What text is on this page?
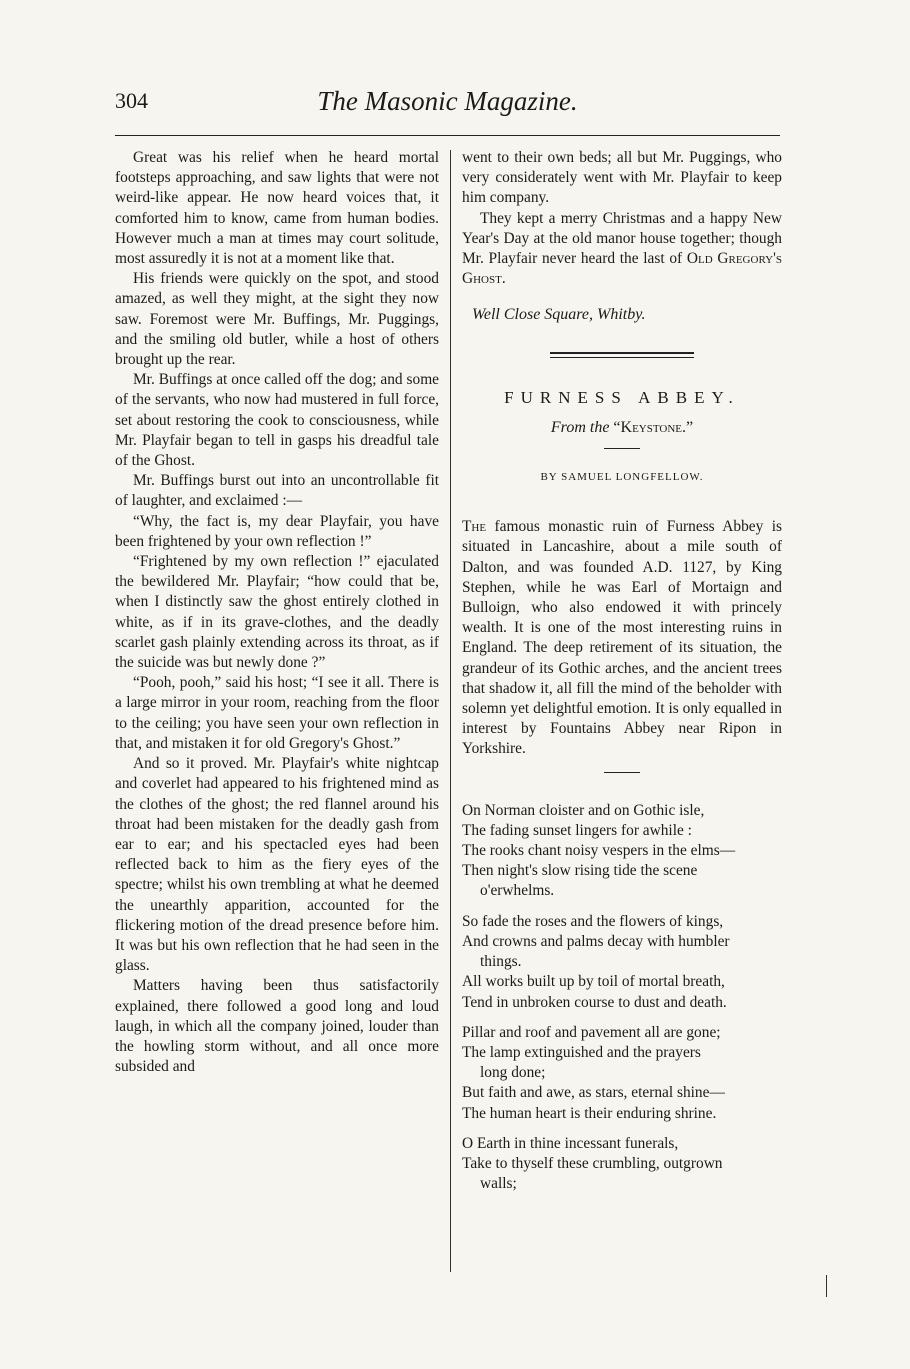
304	The Masonic Magazine.

Great was his relief when he heard mortal footsteps approaching, and saw lights that were not weird-like appear. He now heard voices that, it comforted him to know, came from human bodies. However much a man at times may court solitude, most assuredly it is not at a moment like that.

His friends were quickly on the spot, and stood amazed, as well they might, at the sight they now saw. Foremost were Mr. Buffings, Mr. Puggings, and the smiling old butler, while a host of others brought up the rear.

Mr. Buffings at once called off the dog; and some of the servants, who now had mustered in full force, set about restoring the cook to consciousness, while Mr. Playfair began to tell in gasps his dreadful tale of the Ghost.

Mr. Buffings burst out into an uncontrollable fit of laughter, and exclaimed :—

“Why, the fact is, my dear Playfair, you have been frightened by your own reflection !”

“Frightened by my own reflection !” ejaculated the bewildered Mr. Playfair; “how could that be, when I distinctly saw the ghost entirely clothed in white, as if in its grave-clothes, and the deadly scarlet gash plainly extending across its throat, as if the suicide was but newly done ?”

“Pooh, pooh,” said his host; “I see it all. There is a large mirror in your room, reaching from the floor to the ceiling; you have seen your own reflection in that, and mistaken it for old Gregory's Ghost.”

And so it proved. Mr. Playfair's white nightcap and coverlet had appeared to his frightened mind as the clothes of the ghost; the red flannel around his throat had been mistaken for the deadly gash from ear to ear; and his spectacled eyes had been reflected back to him as the fiery eyes of the spectre; whilst his own trembling at what he deemed the unearthly apparition, accounted for the flickering motion of the dread presence before him. It was but his own reflection that he had seen in the glass.

Matters having been thus satisfactorily explained, there followed a good long and loud laugh, in which all the company joined, louder than the howling storm without, and all once more subsided and

went to their own beds; all but Mr. Puggings, who very considerately went with Mr. Playfair to keep him company.

They kept a merry Christmas and a happy New Year's Day at the old manor house together; though Mr. Playfair never heard the last of Old Gregory's Ghost.

Well Close Square, Whitby.

FURNESS ABBEY.

From the “Keystone.”

BY SAMUEL LONGFELLOW.

The famous monastic ruin of Furness Abbey is situated in Lancashire, about a mile south of Dalton, and was founded A.D. 1127, by King Stephen, while he was Earl of Mortaign and Bulloign, who also endowed it with princely wealth. It is one of the most interesting ruins in England. The deep retirement of its situation, the grandeur of its Gothic arches, and the ancient trees that shadow it, all fill the mind of the beholder with solemn yet delightful emotion. It is only equalled in interest by Fountains Abbey near Ripon in Yorkshire.

On Norman cloister and on Gothic isle,

The fading sunset lingers for awhile :

The rooks chant noisy vespers in the elms—

Then night's slow rising tide the scene

o'erwhelms.

So fade the roses and the flowers of kings,

And crowns and palms decay with humbler

things.

All works built up by toil of mortal breath,

Tend in unbroken course to dust and death.

Pillar and roof and pavement all are gone;

The lamp extinguished and the prayers

long done;

But faith and awe, as stars, eternal shine—

The human heart is their enduring shrine.

O Earth in thine incessant funerals,

Take to thyself these crumbling, outgrown

walls;
